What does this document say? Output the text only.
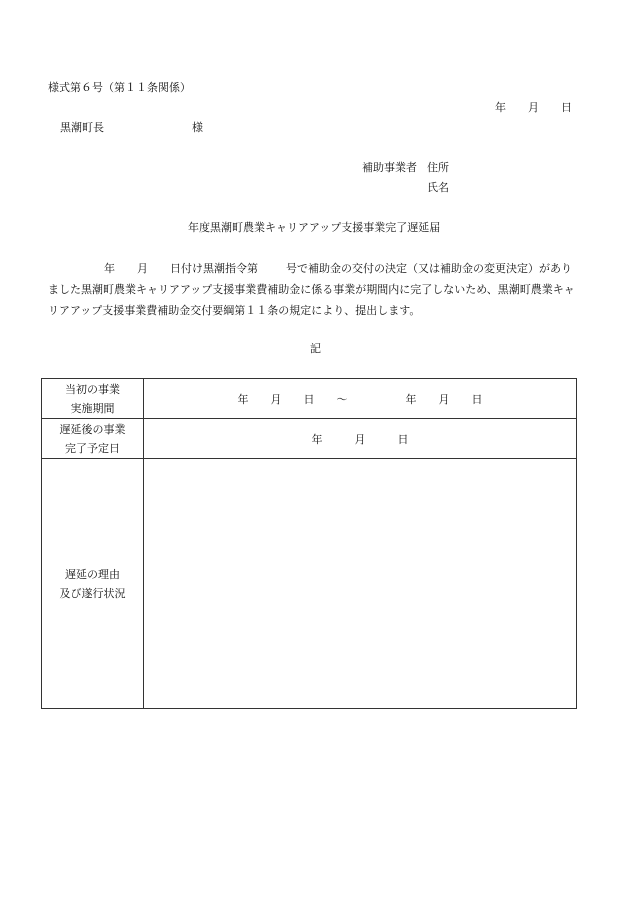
様式第６号（第１１条関係）
年 月 日
黒潮町長	様
補助事業者 住所
氏名
年度黒潮町農業キャリアアップ支援事業完了遅延届
年 月 日付け黒潮指令第	号で補助金の交付の決定（又は補助金の変更決定）があり
ました黒潮町農業キャリアアップ支援事業費補助金に係る事業が期間内に完了しないため、黒潮町農業キャ
リアアップ支援事業費補助金交付要綱第１１条の規定により、提出します。
記
当初の事業
実施期間	年 月 日 ～ 年 月 日

遅延後の事業
完了予定日	年 月 日

遅延の理由
及び遂行状況	
